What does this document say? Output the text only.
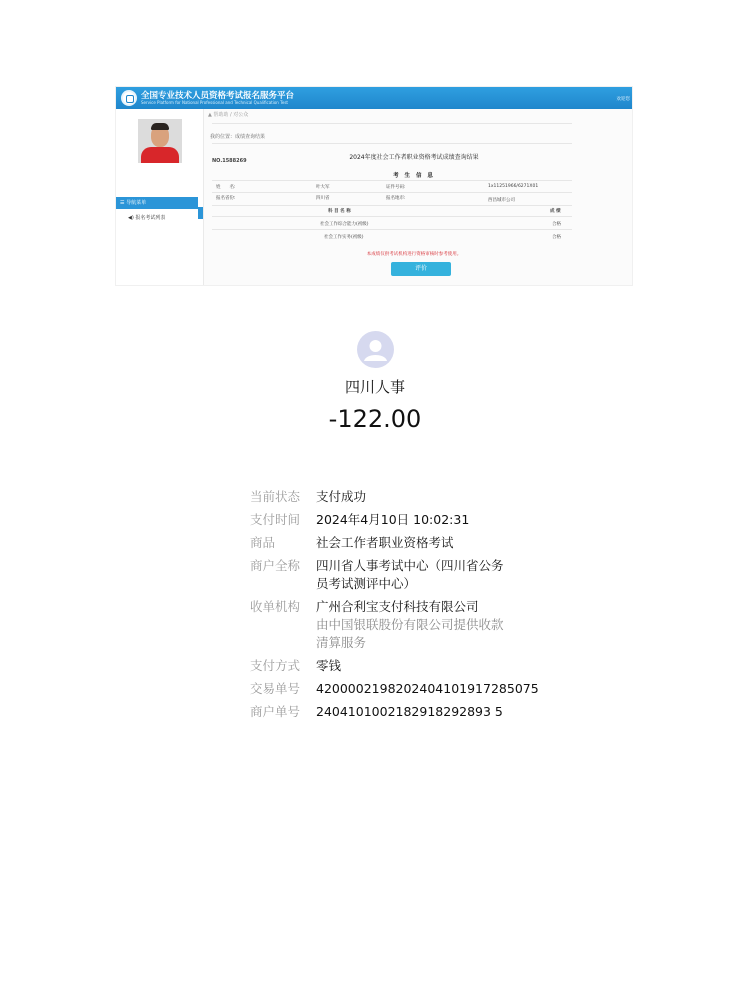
全国专业技术人员资格考试报名服务平台
Service Platform for National Professional and Technical Qualification Test
欢迎您
☰ 导航菜单
◀) 报名考试列表
▲ 帮助助 / 对公众
我的位置：成绩查询结果
2024年度社会工作者职业资格考试成绩查询结果
NO.1588269
考 生 信 息
姓　　名:	叶大军	证件号码:	1x11251966/6271X01
报名省份:	四川省	报名地市:	西昌城市公司
科 目 名 称	成 绩
社会工作综合能力(初级)	合格
社会工作实务(初级)	合格
本成绩仅供考试机构进行资格审核时参考使用。
评价
四川人事
-122.00
当前状态	支付成功
支付时间	2024年4月10日 10:02:31
商品	社会工作者职业资格考试
商户全称	四川省人事考试中心（四川省公务员考试测评中心）
收单机构	广州合利宝支付科技有限公司
由中国银联股份有限公司提供收款清算服务
支付方式	零钱
交易单号	4200002198202404101917285075
商户单号	2404101002182918292893 5
